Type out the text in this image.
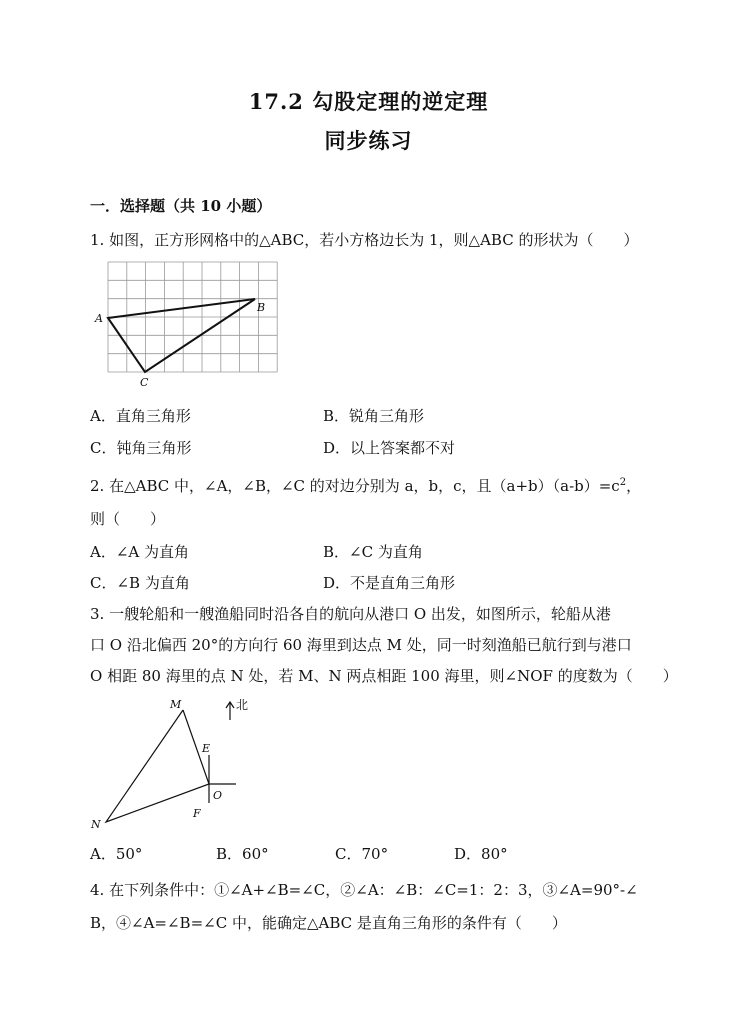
17.2 勾股定理的逆定理
同步练习
一．选择题（共 10 小题）
1. 如图，正方形网格中的△ABC，若小方格边长为 1，则△ABC 的形状为（　　）
A
B
C
A．直角三角形	B．锐角三角形
C．钝角三角形	D．以上答案都不对
2. 在△ABC 中，∠A，∠B，∠C 的对边分别为 a，b，c，且$(a+b)(a-b)=c^2$，
则（　　）
A．∠A 为直角	B．∠C 为直角
C．∠B 为直角	D．不是直角三角形
3. 一艘轮船和一艘渔船同时沿各自的航向从港口 O 出发，如图所示，轮船从港
口 O 沿北偏西 20°的方向行 60 海里到达点 M 处，同一时刻渔船已航行到与港口
O 相距 80 海里的点 N 处，若 M、N 两点相距 100 海里，则∠NOF 的度数为（　　）
北
M
N
O
E
F
A．50°	B．60°	C．70°	D．80°
4. 在下列条件中：①∠A+∠B=∠C，②∠A：∠B：∠C=1：2：3，③∠A=90°-∠
B，④∠A=∠B=∠C 中，能确定△ABC 是直角三角形的条件有（　　）
